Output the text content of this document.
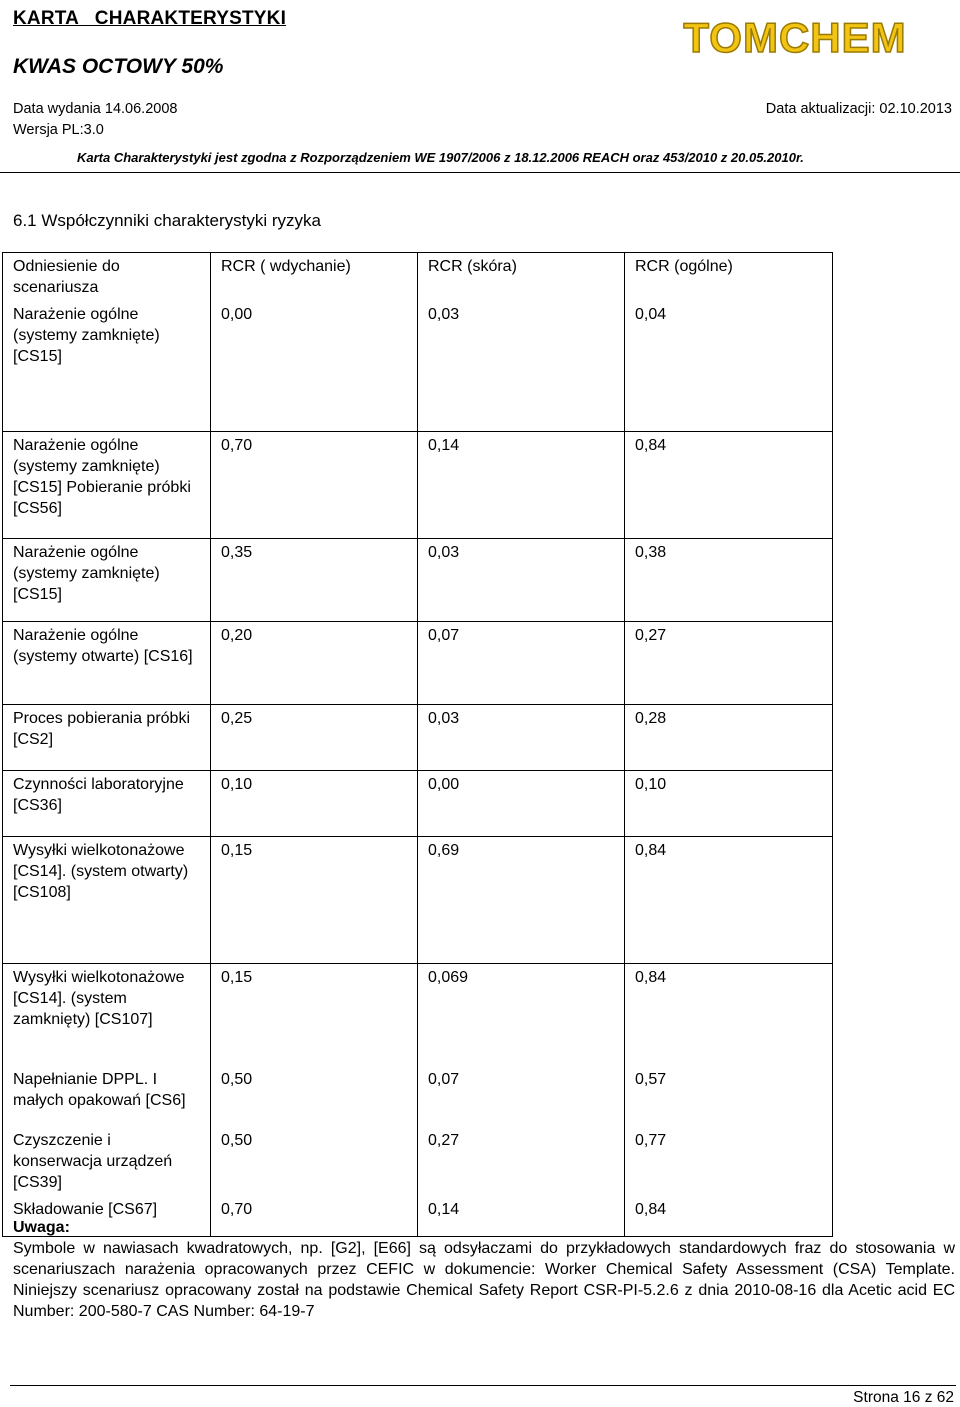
KARTA   CHARAKTERYSTYKI
KWAS OCTOWY 50%
TOMCHEM
Data wydania 14.06.2008	Data aktualizacji: 02.10.2013
Wersja PL:3.0
Karta Charakterystyki jest zgodna z Rozporządzeniem WE 1907/2006 z 18.12.2006 REACH oraz 453/2010 z 20.05.2010r.
6.1 Współczynniki charakterystyki ryzyka
Odniesienie do scenariusza	RCR ( wdychanie)	RCR (skóra)	RCR (ogólne)
Narażenie ogólne (systemy zamknięte) [CS15]	0,00	0,03	0,04
Narażenie ogólne (systemy zamknięte) [CS15] Pobieranie próbki [CS56]	0,70	0,14	0,84
Narażenie ogólne (systemy zamknięte) [CS15]	0,35	0,03	0,38
Narażenie ogólne (systemy otwarte) [CS16]	0,20	0,07	0,27
Proces pobierania próbki [CS2]	0,25	0,03	0,28
Czynności laboratoryjne [CS36]	0,10	0,00	0,10
Wysyłki wielkotonażowe [CS14]. (system otwarty) [CS108]	0,15	0,69	0,84
Wysyłki wielkotonażowe [CS14]. (system zamknięty) [CS107]	0,15	0,069	0,84
Napełnianie DPPL. I małych opakowań [CS6]	0,50	0,07	0,57
Czyszczenie i konserwacja urządzeń [CS39]	0,50	0,27	0,77
Składowanie [CS67]	0,70	0,14	0,84
Uwaga:
Symbole w nawiasach kwadratowych, np. [G2], [E66] są odsyłaczami do przykładowych standardowych fraz do stosowania w scenariuszach narażenia opracowanych przez CEFIC w dokumencie: Worker Chemical Safety Assessment (CSA) Template. Niniejszy scenariusz opracowany został na podstawie Chemical Safety Report CSR-PI-5.2.6 z dnia 2010-08-16 dla Acetic acid EC Number: 200-580-7 CAS Number: 64-19-7
Strona 16 z 62
